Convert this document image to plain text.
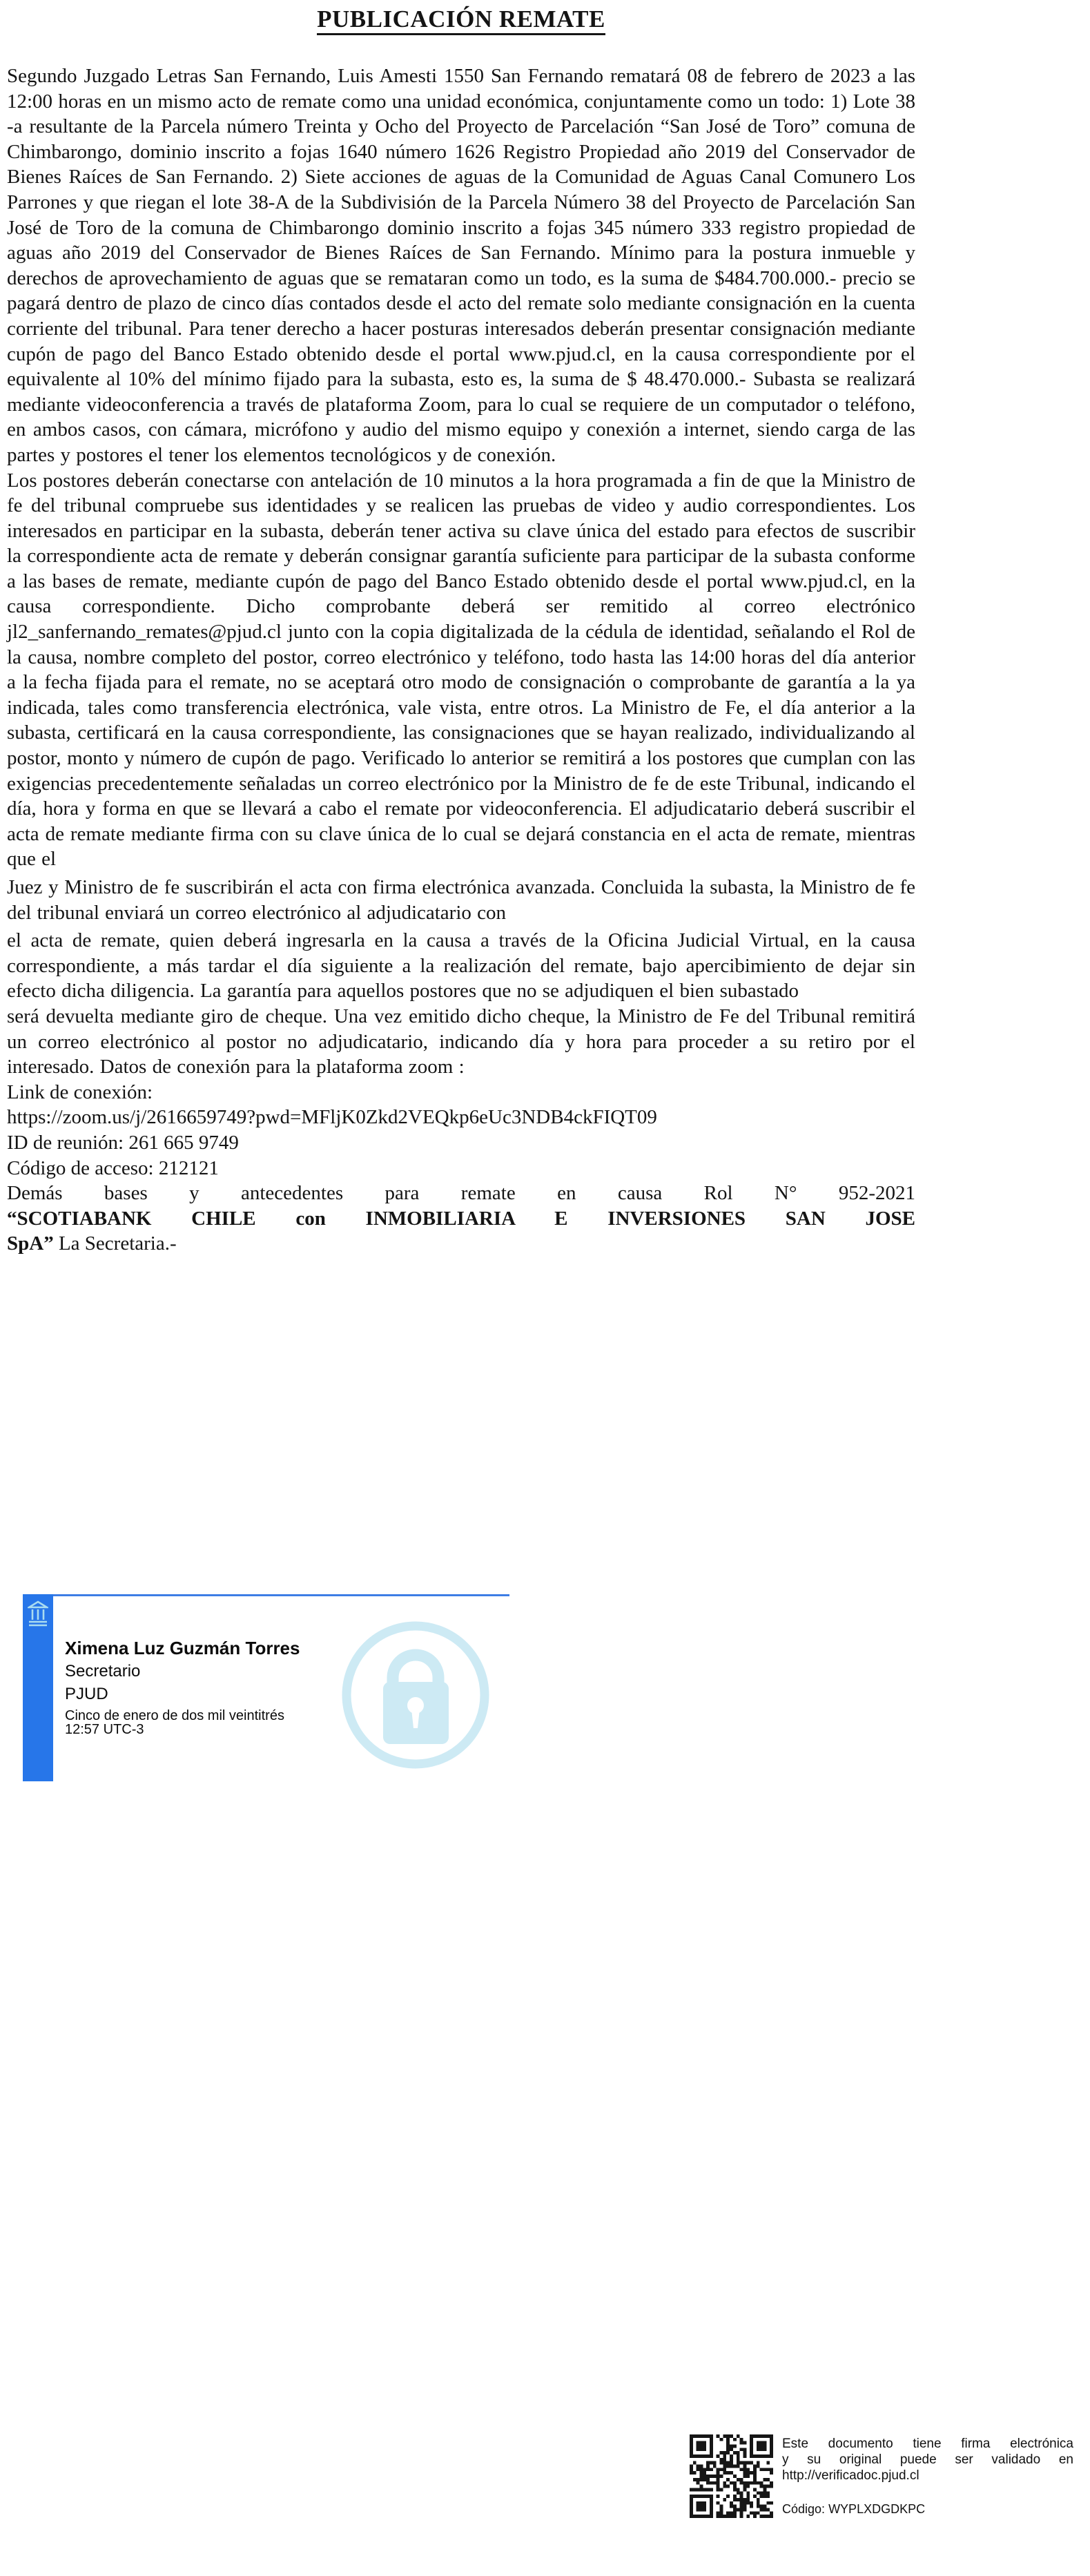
PUBLICACIÓN REMATE

Segundo Juzgado Letras San Fernando, Luis Amesti 1550 San Fernando rematará 08 de febrero de 2023 a las 12:00 horas en un mismo acto de remate como una unidad económica, conjuntamente como un todo: 1) Lote 38 -a resultante de la Parcela número Treinta y Ocho del Proyecto de Parcelación “San José de Toro” comuna de Chimbarongo, dominio inscrito a fojas 1640 número 1626 Registro Propiedad año 2019 del Conservador de Bienes Raíces de San Fernando. 2) Siete acciones de aguas de la Comunidad de Aguas Canal Comunero Los Parrones y que riegan el lote 38-A de la Subdivisión de la Parcela Número 38 del Proyecto de Parcelación San José de Toro de la comuna de Chimbarongo dominio inscrito a fojas 345 número 333 registro propiedad de aguas año 2019 del Conservador de Bienes Raíces de San Fernando. Mínimo para la postura inmueble y derechos de aprovechamiento de aguas que se remataran como un todo, es la suma de $484.700.000.- precio se pagará dentro de plazo de cinco días contados desde el acto del remate solo mediante consignación en la cuenta corriente del tribunal. Para tener derecho a hacer posturas interesados deberán presentar consignación mediante cupón de pago del Banco Estado obtenido desde el portal www.pjud.cl, en la causa correspondiente por el equivalente al 10% del mínimo fijado para la subasta, esto es, la suma de $ 48.470.000.- Subasta se realizará mediante videoconferencia a través de plataforma Zoom, para lo cual se requiere de un computador o teléfono, en ambos casos, con cámara, micrófono y audio del mismo equipo y conexión a internet, siendo carga de las partes y postores el tener los elementos tecnológicos y de conexión.

Los postores deberán conectarse con antelación de 10 minutos a la hora programada a fin de que la Ministro de fe del tribunal compruebe sus identidades y se realicen las pruebas de video y audio correspondientes. Los interesados en participar en la subasta, deberán tener activa su clave única del estado para efectos de suscribir la correspondiente acta de remate y deberán consignar garantía suficiente para participar de la subasta conforme a las bases de remate, mediante cupón de pago del Banco Estado obtenido desde el portal www.pjud.cl, en la causa correspondiente. Dicho comprobante deberá ser remitido al correo electrónico jl2_sanfernando_remates@pjud.cl junto con la copia digitalizada de la cédula de identidad, señalando el Rol de la causa, nombre completo del postor, correo electrónico y teléfono, todo hasta las 14:00 horas del día anterior a la fecha fijada para el remate, no se aceptará otro modo de consignación o comprobante de garantía a la ya indicada, tales como transferencia electrónica, vale vista, entre otros. La Ministro de Fe, el día anterior a la subasta, certificará en la causa correspondiente, las consignaciones que se hayan realizado, individualizando al postor, monto y número de cupón de pago. Verificado lo anterior se remitirá a los postores que cumplan con las exigencias precedentemente señaladas un correo electrónico por la Ministro de fe de este Tribunal, indicando el día, hora y forma en que se llevará a cabo el remate por videoconferencia. El adjudicatario deberá suscribir el acta de remate mediante firma con su clave única de lo cual se dejará constancia en el acta de remate, mientras que el

Juez y Ministro de fe suscribirán el acta con firma electrónica avanzada. Concluida la subasta, la Ministro de fe del tribunal enviará un correo electrónico al adjudicatario con

el acta de remate, quien deberá ingresarla en la causa a través de la Oficina Judicial Virtual, en la causa correspondiente, a más tardar el día siguiente a la realización del remate, bajo apercibimiento de dejar sin efecto dicha diligencia. La garantía para aquellos postores que no se adjudiquen el bien subastado

será devuelta mediante giro de cheque. Una vez emitido dicho cheque, la Ministro de Fe del Tribunal remitirá un correo electrónico al postor no adjudicatario, indicando día y hora para proceder a su retiro por el interesado. Datos de conexión para la plataforma zoom :

Link de conexión:
https://zoom.us/j/2616659749?pwd=MFljK0Zkd2VEQkp6eUc3NDB4ckFIQT09
ID de reunión: 261 665 9749
Código de acceso: 212121
Demás bases y antecedentes para remate en causa Rol N° 952-2021
“SCOTIABANK CHILE con INMOBILIARIA E INVERSIONES SAN JOSE
SpA” La Secretaria.-
Ximena Luz Guzmán Torres
Secretario
PJUD
Cinco de enero de dos mil veintitrés
12:57 UTC-3
Este documento tiene firma electrónica
y su original puede ser validado en
http://verificadoc.pjud.cl
Código: WYPLXDGDKPC
